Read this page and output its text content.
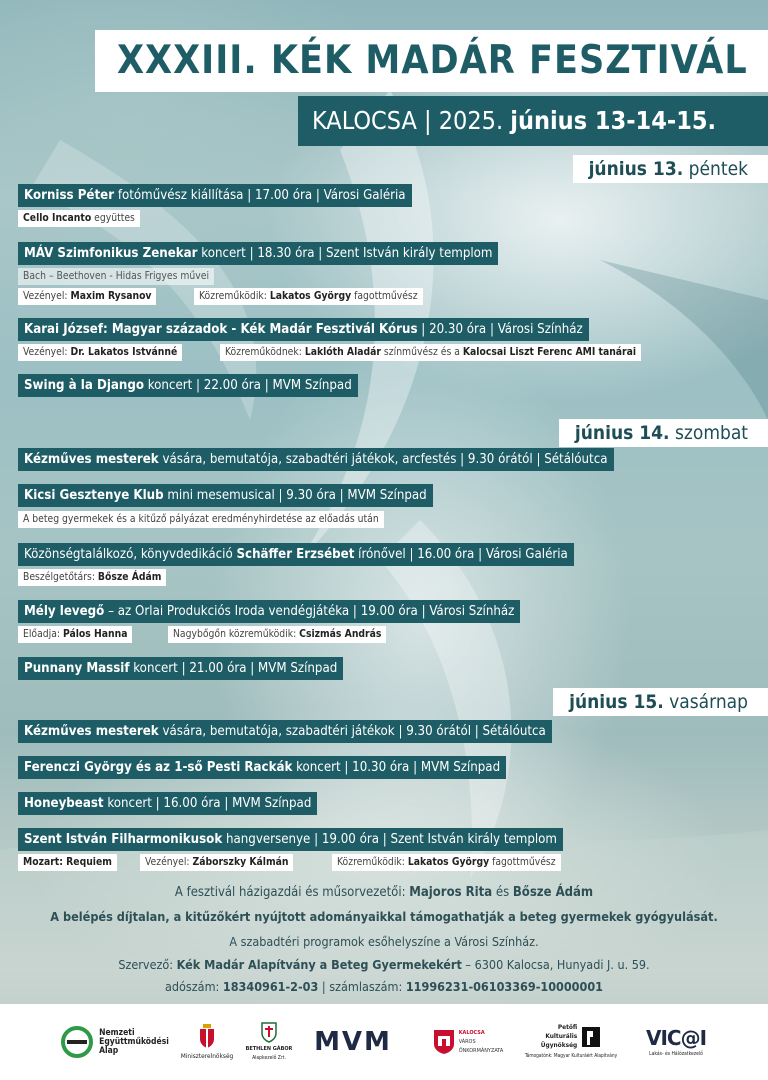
XXXIII. KÉK MADÁR FESZTIVÁL
KALOCSA | 2025. június 13-14-15.
június 13. péntek
Korniss Péter fotóművész kiállítása | 17.00 óra | Városi Galéria
Cello Incanto együttes
MÁV Szimfonikus Zenekar koncert | 18.30 óra | Szent István király templom
Bach – Beethoven - Hidas Frigyes művei
Vezényel: Maxim Rysanov	Közreműködik: Lakatos György fagottművész
Karai József: Magyar századok - Kék Madár Fesztivál Kórus | 20.30 óra | Városi Színház
Vezényel: Dr. Lakatos Istvánné	Közreműködnek: Laklóth Aladár színművész és a Kalocsai Liszt Ferenc AMI tanárai
Swing à la Django koncert | 22.00 óra | MVM Színpad
június 14. szombat
Kézműves mesterek vására, bemutatója, szabadtéri játékok, arcfestés | 9.30 órától | Sétálóutca
Kicsi Gesztenye Klub mini mesemusical | 9.30 óra | MVM Színpad
A beteg gyermekek és a kitűző pályázat eredményhirdetése az előadás után
Közönségtalálkozó, könyvdedikáció Schäffer Erzsébet írónővel | 16.00 óra | Városi Galéria
Beszélgetőtárs: Bősze Ádám
Mély levegő – az Orlai Produkciós Iroda vendégjátéka | 19.00 óra | Városi Színház
Előadja: Pálos Hanna	Nagybőgőn közreműködik: Csizmás András
Punnany Massif koncert | 21.00 óra | MVM Színpad
június 15. vasárnap
Kézműves mesterek vására, bemutatója, szabadtéri játékok | 9.30 órától | Sétálóutca
Ferenczi György és az 1-ső Pesti Rackák koncert | 10.30 óra | MVM Színpad
Honeybeast koncert | 16.00 óra | MVM Színpad
Szent István Filharmonikusok hangversenye | 19.00 óra | Szent István király templom
Mozart: Requiem	Vezényel: Záborszky Kálmán	Közreműködik: Lakatos György fagottművész
A fesztivál házigazdái és műsorvezetői: Majoros Rita és Bősze Ádám
A belépés díjtalan, a kitűzőkért nyújtott adományaikkal támogathatják a beteg gyermekek gyógyulását.
A szabadtéri programok esőhelyszíne a Városi Színház.
Szervező: Kék Madár Alapítvány a Beteg Gyermekekért – 6300 Kalocsa, Hunyadi J. u. 59.
adószám: 18340961-2-03 | számlaszám: 11996231-06103369-10000001
Nemzeti
Együttműködési
Alap
Miniszterelnökség
BETHLEN GÁBOR
Alapkezelő Zrt.
MVM	KALOCSA
VÁROS
ÖNKORMÁNYZATA
Petőfi
Kulturális
Ügynökség
Támogatónk: Magyar Kulturáért Alapítvány
VIC@I
Lakás- és Hálózatkezelő
